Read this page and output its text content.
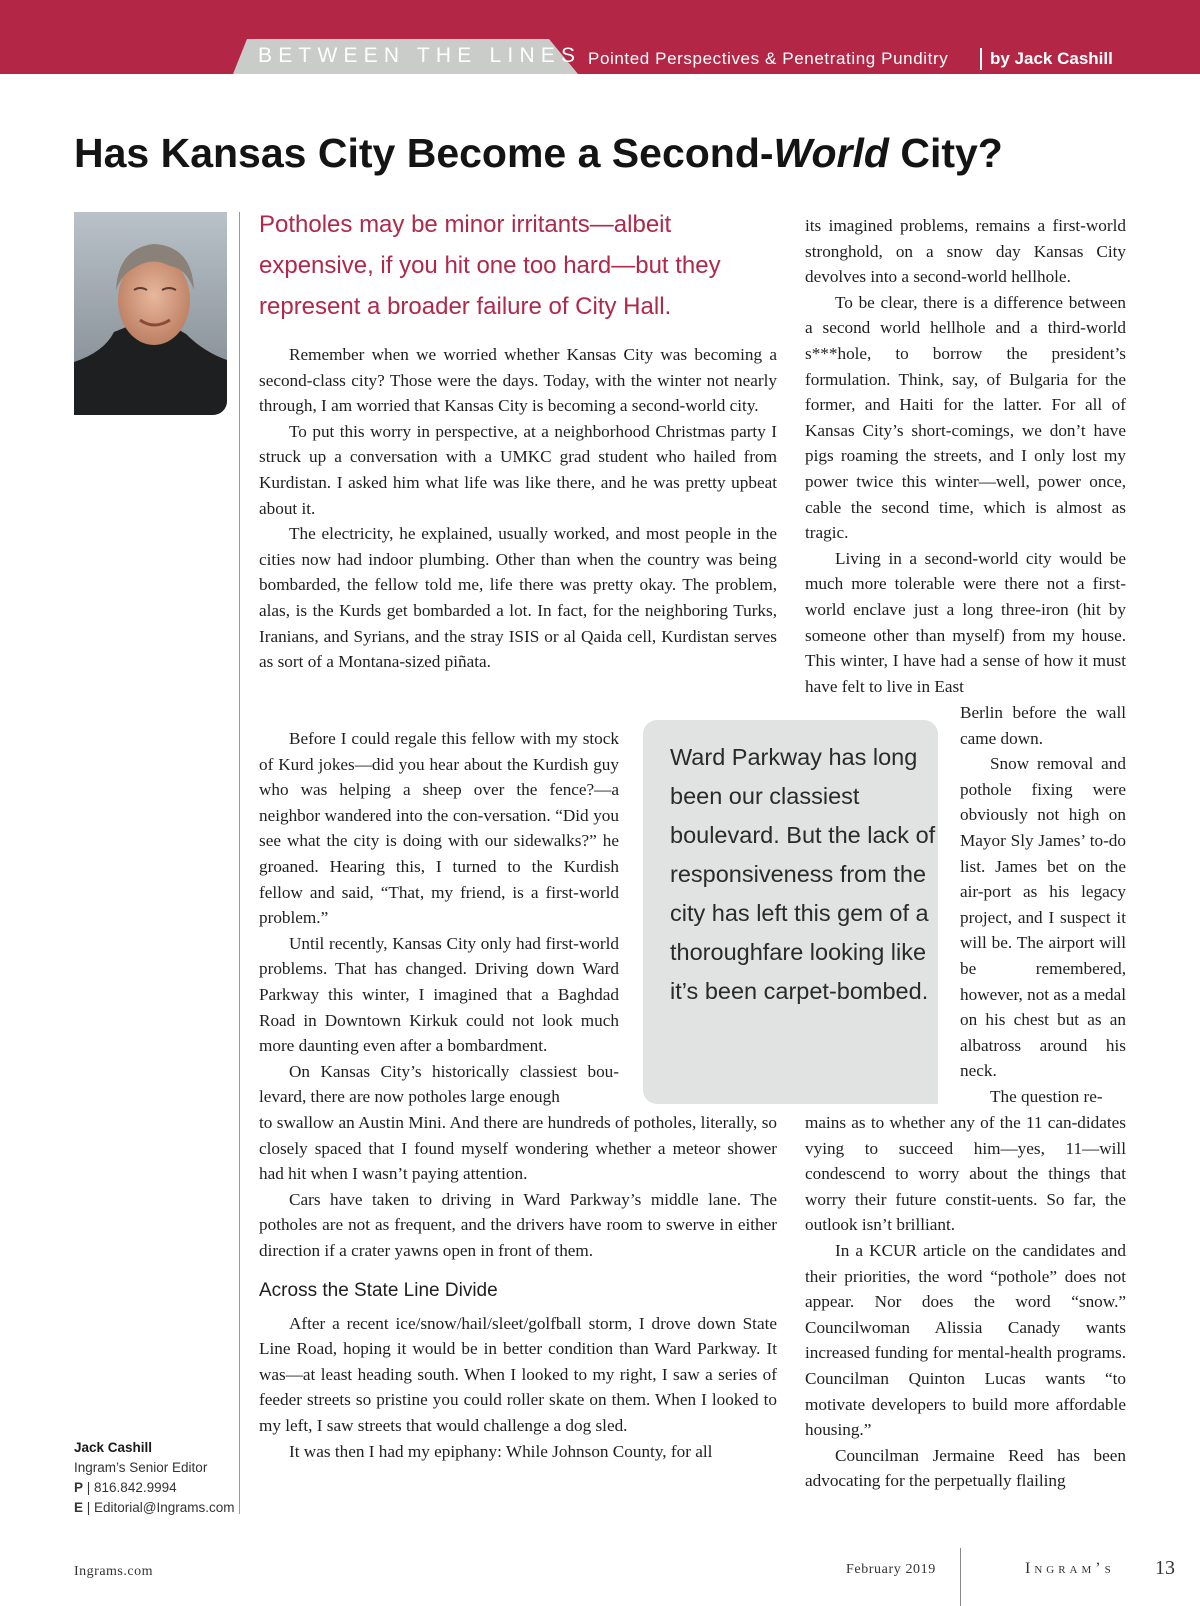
BETWEEN THE LINES Pointed Perspectives & Penetrating Punditry by Jack Cashill
Has Kansas City Become a Second-World City?
Potholes may be minor irritants—albeit expensive, if you hit one too hard—but they represent a broader failure of City Hall.

Remember when we worried whether Kansas City was becoming a second-class city? Those were the days. Today, with the winter not nearly through, I am worried that Kansas City is becoming a second-world city.

To put this worry in perspective, at a neighborhood Christmas party I struck up a conversation with a UMKC grad student who hailed from Kurdistan. I asked him what life was like there, and he was pretty upbeat about it.

The electricity, he explained, usually worked, and most people in the cities now had indoor plumbing. Other than when the country was being bombarded, the fellow told me, life there was pretty okay. The problem, alas, is the Kurds get bombarded a lot. In fact, for the neighboring Turks, Iranians, and Syrians, and the stray ISIS or al Qaida cell, Kurdistan serves as sort of a Montana-sized piñata.

Before I could regale this fellow with my stock of Kurd jokes—did you hear about the Kurdish guy who was helping a sheep over the fence?—a neighbor wandered into the con-versation. “Did you see what the city is doing with our sidewalks?” he groaned. Hearing this, I turned to the Kurdish fellow and said, “That, my friend, is a first-world problem.”

Until recently, Kansas City only had first-world problems. That has changed. Driving down Ward Parkway this winter, I imagined that a Baghdad Road in Downtown Kirkuk could not look much more daunting even after a bombardment.

On Kansas City’s historically classiest bou-levard, there are now potholes large enough

to swallow an Austin Mini. And there are hundreds of potholes, literally, so closely spaced that I found myself wondering whether a meteor shower had hit when I wasn’t paying attention.

Cars have taken to driving in Ward Parkway’s middle lane. The potholes are not as frequent, and the drivers have room to swerve in either direction if a crater yawns open in front of them.

Across the State Line Divide

After a recent ice/snow/hail/sleet/golfball storm, I drove down State Line Road, hoping it would be in better condition than Ward Parkway. It was—at least heading south. When I looked to my right, I saw a series of feeder streets so pristine you could roller skate on them. When I looked to my left, I saw streets that would challenge a dog sled.

It was then I had my epiphany: While Johnson County, for all

its imagined problems, remains a first-world stronghold, on a snow day Kansas City devolves into a second-world hellhole.

To be clear, there is a difference between a second world hellhole and a third-world s***hole, to borrow the president’s formulation. Think, say, of Bulgaria for the former, and Haiti for the latter. For all of Kansas City’s short-comings, we don’t have pigs roaming the streets, and I only lost my power twice this winter—well, power once, cable the second time, which is almost as tragic.

Living in a second-world city would be much more tolerable were there not a first-world enclave just a long three-iron (hit by someone other than myself) from my house. This winter, I have had a sense of how it must have felt to live in East

Berlin before the wall came down.

Snow removal and pothole fixing were obviously not high on Mayor Sly James’ to-do list. James bet on the air-port as his legacy project, and I suspect it will be. The airport will be remembered, however, not as a medal on his chest but as an albatross around his neck.

The question re-

mains as to whether any of the 11 can-didates vying to succeed him—yes, 11—will condescend to worry about the things that worry their future constit-uents. So far, the outlook isn’t brilliant.

In a KCUR article on the candidates and their priorities, the word “pothole” does not appear. Nor does the word “snow.” Councilwoman Alissia Canady wants increased funding for mental-health programs. Councilman Quinton Lucas wants “to motivate developers to build more affordable housing.”

Councilman Jermaine Reed has been advocating for the perpetually flailing

Ward Parkway has long been our classiest boulevard. But the lack of responsiveness from the city has left this gem of a thoroughfare looking like it’s been carpet-bombed.
Jack Cashill
Ingram’s Senior Editor
P | 816.842.9994
E | Editorial@Ingrams.com
Ingrams.com	February 2019	Ingram’s 13
